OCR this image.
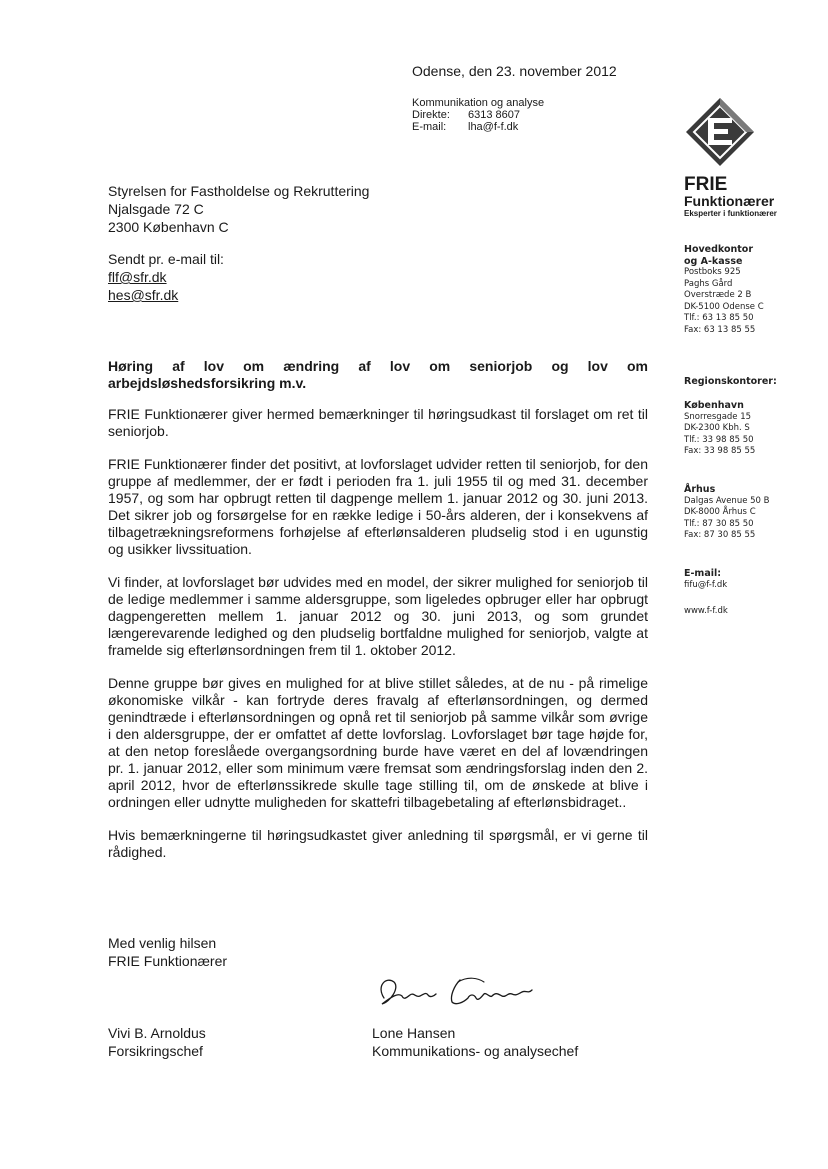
Odense, den 23. november 2012
Kommunikation og analyse
Direkte: 6313 8607
E-mail: lha@f-f.dk
Styrelsen for Fastholdelse og Rekruttering
Njalsgade 72 C
2300 København C
Sendt pr. e-mail til:
flf@sfr.dk
hes@sfr.dk
Høring af lov om ændring af lov om seniorjob og lov om arbejdsløshedsforsikring m.v.

FRIE Funktionærer giver hermed bemærkninger til høringsudkast til forslaget om ret til seniorjob.

FRIE Funktionærer finder det positivt, at lovforslaget udvider retten til seniorjob, for den gruppe af medlemmer, der er født i perioden fra 1. juli 1955 til og med 31. december 1957, og som har opbrugt retten til dagpenge mellem 1. januar 2012 og 30. juni 2013. Det sikrer job og forsørgelse for en række ledige i 50-års alderen, der i konsekvens af tilbagetrækningsreformens forhøjelse af efterlønsalderen pludselig stod i en ugunstig og usikker livssituation.

Vi finder, at lovforslaget bør udvides med en model, der sikrer mulighed for seniorjob til de ledige medlemmer i samme aldersgruppe, som ligeledes opbruger eller har opbrugt dagpengeretten mellem 1. januar 2012 og 30. juni 2013, og som grundet længerevarende ledighed og den pludselig bortfaldne mulighed for seniorjob, valgte at framelde sig efterlønsordningen frem til 1. oktober 2012.

Denne gruppe bør gives en mulighed for at blive stillet således, at de nu - på rimelige økonomiske vilkår - kan fortryde deres fravalg af efterlønsordningen, og dermed genindtræde i efterlønsordningen og opnå ret til seniorjob på samme vilkår som øvrige i den aldersgruppe, der er omfattet af dette lovforslag. Lovforslaget bør tage højde for, at den netop foreslåede overgangsordning burde have været en del af lovændringen pr. 1. januar 2012, eller som minimum være fremsat som ændringsforslag inden den 2. april 2012, hvor de efterlønssikrede skulle tage stilling til, om de ønskede at blive i ordningen eller udnytte muligheden for skattefri tilbagebetaling af efterlønsbidraget..

Hvis bemærkningerne til høringsudkastet giver anledning til spørgsmål, er vi gerne til rådighed.

Med venlig hilsen
FRIE Funktionærer
Vivi B. Arnoldus
Forsikringschef
Lone Hansen
Kommunikations- og analysechef
FRIE
Funktionærer
Eksperter i funktionærer
Hovedkontor
og A-kasse
Postboks 925
Paghs Gård
Overstræde 2 B
DK-5100 Odense C
Tlf.: 63 13 85 50
Fax: 63 13 85 55
Regionskontorer:
København
Snorresgade 15
DK-2300 Kbh. S
Tlf.: 33 98 85 50
Fax: 33 98 85 55
Århus
Dalgas Avenue 50 B
DK-8000 Århus C
Tlf.: 87 30 85 50
Fax: 87 30 85 55
E-mail:
fifu@f-f.dk
www.f-f.dk
